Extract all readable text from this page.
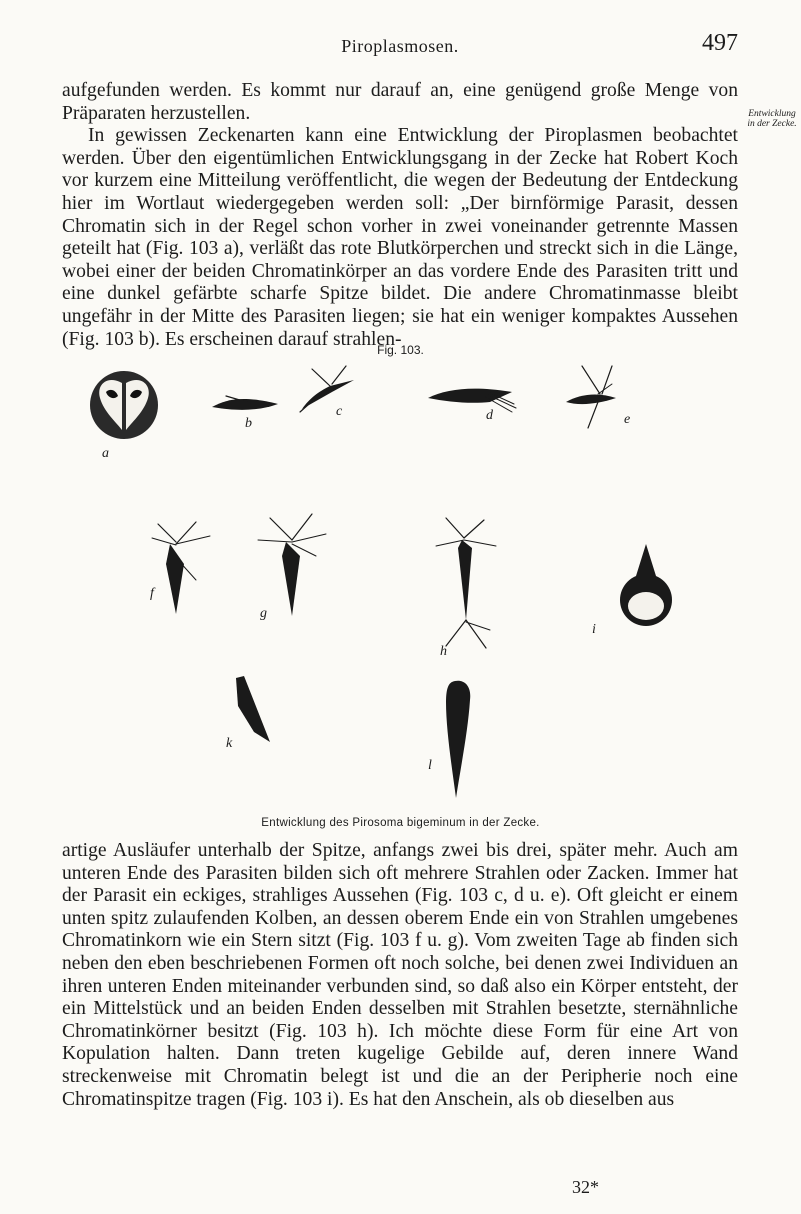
Piroplasmosen.	497
Entwicklung in der Zecke.

aufgefunden werden. Es kommt nur darauf an, eine genügend große Menge von Präparaten herzustellen.

In gewissen Zeckenarten kann eine Entwicklung der Piroplasmen beobachtet werden. Über den eigentümlichen Entwicklungsgang in der Zecke hat Robert Koch vor kurzem eine Mitteilung veröffentlicht, die wegen der Bedeutung der Entdeckung hier im Wortlaut wiedergegeben werden soll: „Der birnförmige Parasit, dessen Chromatin sich in der Regel schon vorher in zwei voneinander getrennte Massen geteilt hat (Fig. 103 a), verläßt das rote Blutkörperchen und streckt sich in die Länge, wobei einer der beiden Chromatinkörper an das vordere Ende des Parasiten tritt und eine dunkel gefärbte scharfe Spitze bildet. Die andere Chromatinmasse bleibt ungefähr in der Mitte des Parasiten liegen; sie hat ein weniger kompaktes Aussehen (Fig. 103 b). Es erscheinen darauf strahlen-

Fig. 103.
a
b
c	d	e
f
g
h
i
k
l
Entwicklung des Pirosoma bigeminum in der Zecke.

artige Ausläufer unterhalb der Spitze, anfangs zwei bis drei, später mehr. Auch am unteren Ende des Parasiten bilden sich oft mehrere Strahlen oder Zacken. Immer hat der Parasit ein eckiges, strahliges Aussehen (Fig. 103 c, d u. e). Oft gleicht er einem unten spitz zulaufenden Kolben, an dessen oberem Ende ein von Strahlen umgebenes Chromatinkorn wie ein Stern sitzt (Fig. 103 f u. g). Vom zweiten Tage ab finden sich neben den eben beschriebenen Formen oft noch solche, bei denen zwei Individuen an ihren unteren Enden miteinander verbunden sind, so daß also ein Körper entsteht, der ein Mittelstück und an beiden Enden desselben mit Strahlen besetzte, sternähnliche Chromatinkörner besitzt (Fig. 103 h). Ich möchte diese Form für eine Art von Kopulation halten. Dann treten kugelige Gebilde auf, deren innere Wand streckenweise mit Chromatin belegt ist und die an der Peripherie noch eine Chromatinspitze tragen (Fig. 103 i). Es hat den Anschein, als ob dieselben aus

32*
